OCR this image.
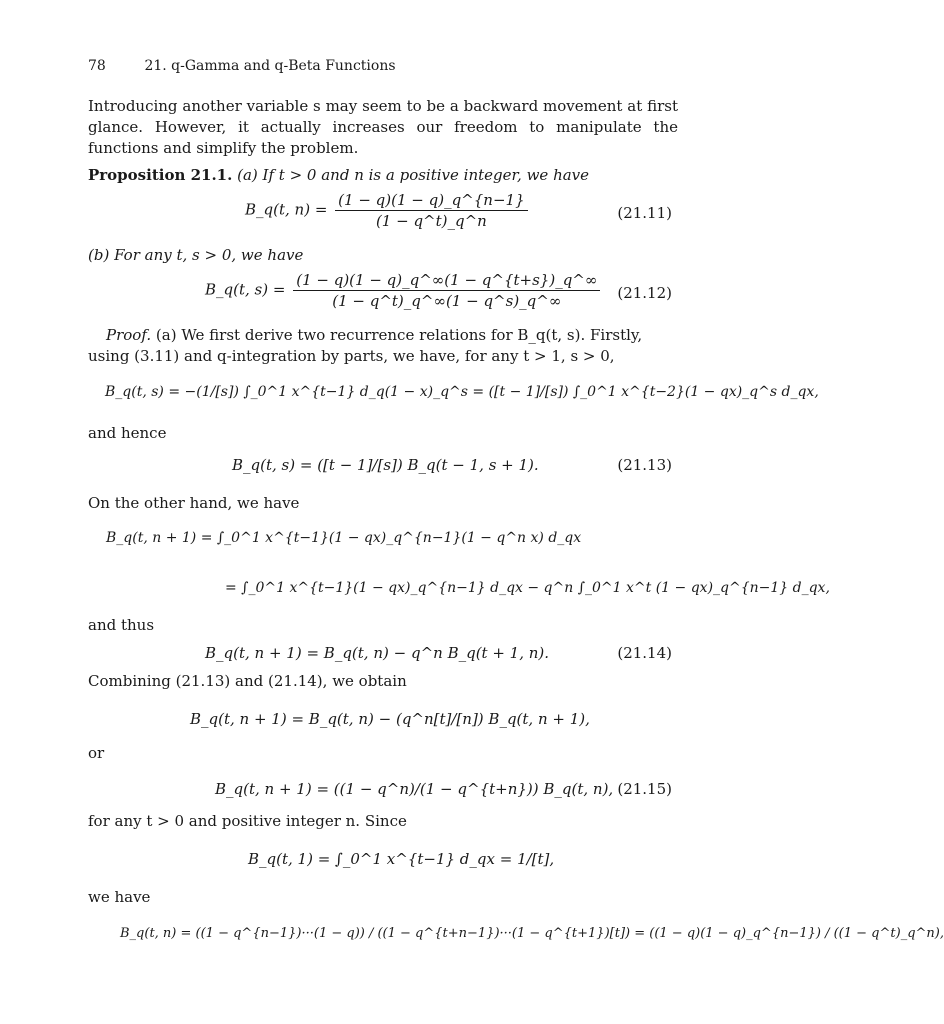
78	21. q-Gamma and q-Beta Functions
Introducing another variable s may seem to be a backward movement at first glance. However, it actually increases our freedom to manipulate the functions and simplify the problem.
Proposition 21.1. (a) If t > 0 and n is a positive integer, we have
B_q(t, $n) = \frac{(1 - q)(1 - q)\_q\^{}\{n-1\}}{(1 - q\^{}t)\_q\^{}n}$	(21.11)
(b) For any t, s > 0, we have
B_q(t, $s) = \frac{(1 - q)(1 - q)\_q\^{}\infty(1 - q\^{}\{t+s\})\_q\^{}\infty}{(1 - q\^{}t)\_q\^{}\infty(1 - q\^{}s)\_q\^{}\infty} (21.12)$
Proof. (a) We first derive two recurrence relations for B_q(t, s). Firstly,
using (3.11) and q-integration by parts, we have, for any t > 1, s > 0,
B_q(t, s) = −(1/[s]) ∫_0^1 x^{t−1} d_q(1 − x)_q^s = ([t − 1]/[s]) ∫_0^1 x^{t−2}(1 − qx)_q^s d_qx,
and hence
B_q(t, s) = ([t − 1]/[s]) B_q(t − 1, s + 1).	(21.13)
On the other hand, we have
B_q(t, n + 1) = ∫_0^1 x^{t−1}(1 − qx)_q^{n−1}(1 − q^n x) d_qx
= ∫_0^1 x^{t−1}(1 − qx)_q^{n−1} d_qx − q^n ∫_0^1 x^t (1 − qx)_q^{n−1} d_qx,
and thus
B_q(t, n + 1) = B_q(t, n) − q^n B_q(t + 1, n).	(21.14)
Combining (21.13) and (21.14), we obtain
B_q(t, n + 1) = B_q(t, n) − (q^n[t]/[n]) B_q(t, n + 1),
or
B_q(t, n + 1) = ((1 − q^n)/(1 − q^{t+n})) B_q(t, n), (21.15)
for any t > 0 and positive integer n. Since
B_q(t, 1) = ∫_0^1 x^{t−1} d_qx = 1/[t],
we have
B_q(t, n) = ((1 − q^{n−1})···(1 − q)) / ((1 − q^{t+n−1})···(1 − q^{t+1})[t]) = ((1 − q)(1 − q)_q^{n−1}) / ((1 − q^t)_q^n),
